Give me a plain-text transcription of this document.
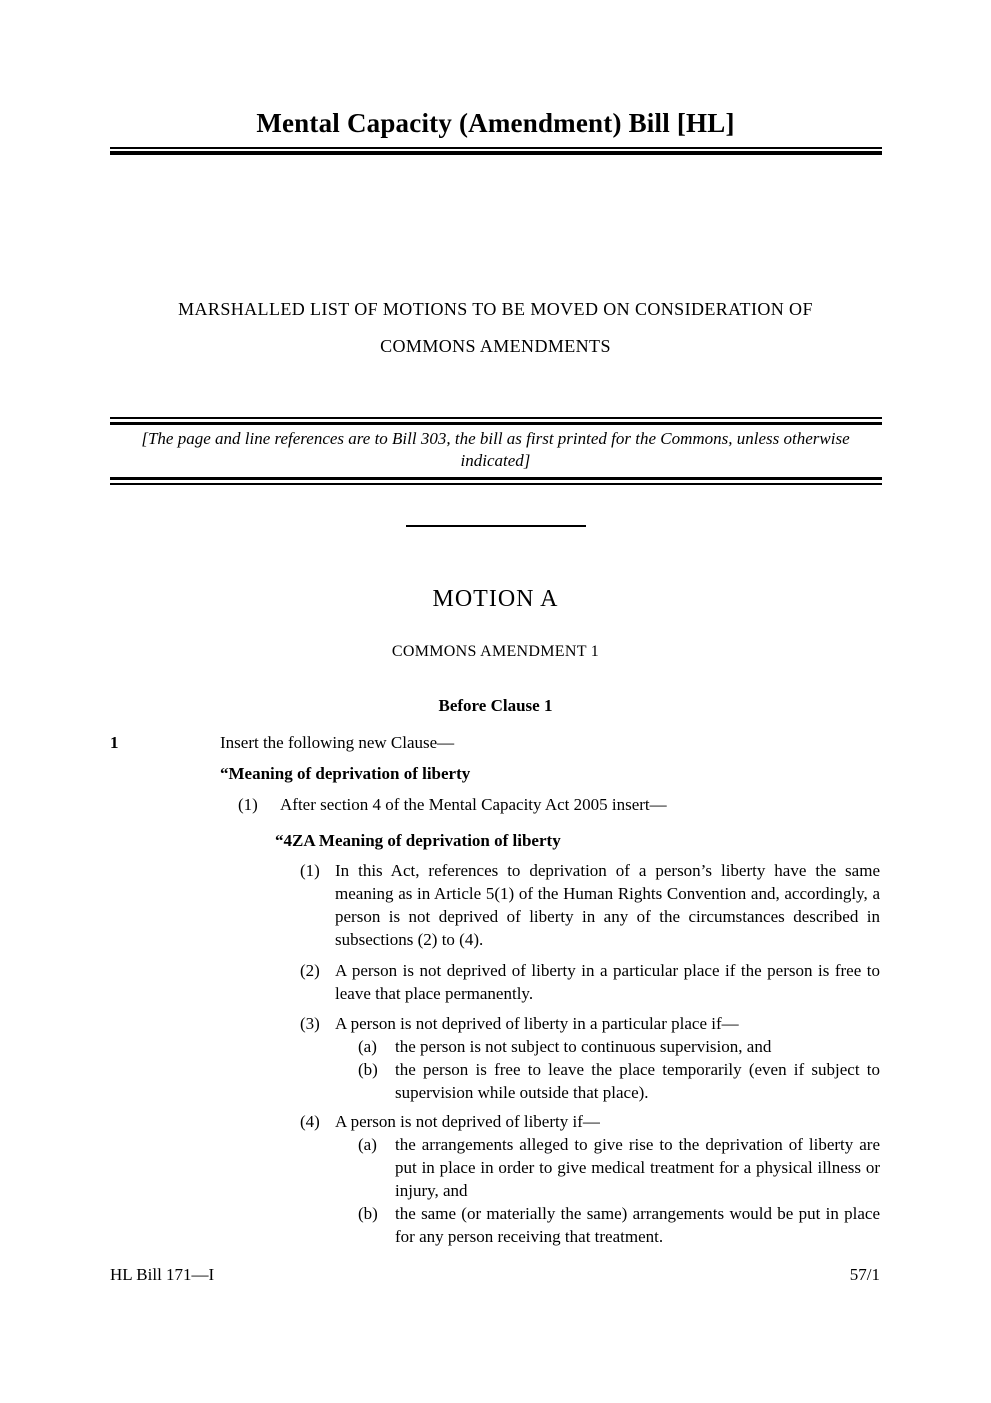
Mental Capacity (Amendment) Bill [HL]
MARSHALLED LIST OF MOTIONS TO BE MOVED ON CONSIDERATION OF
COMMONS AMENDMENTS
[The page and line references are to Bill 303, the bill as first printed for the Commons, unless otherwise indicated]
MOTION A
COMMONS AMENDMENT 1
Before Clause 1
1	Insert the following new Clause—
“Meaning of deprivation of liberty
(1) After section 4 of the Mental Capacity Act 2005 insert—
“4ZA Meaning of deprivation of liberty
(1) In this Act, references to deprivation of a person’s liberty have the same meaning as in Article 5(1) of the Human Rights Convention and, accordingly, a person is not deprived of liberty in any of the circumstances described in subsections (2) to (4).
(2) A person is not deprived of liberty in a particular place if the person is free to leave that place permanently.
(3) A person is not deprived of liberty in a particular place if—
(a) the person is not subject to continuous supervision, and
(b) the person is free to leave the place temporarily (even if subject to supervision while outside that place).
(4) A person is not deprived of liberty if—
(a) the arrangements alleged to give rise to the deprivation of liberty are put in place in order to give medical treatment for a physical illness or injury, and
(b) the same (or materially the same) arrangements would be put in place for any person receiving that treatment.
HL Bill 171—I	57/1
